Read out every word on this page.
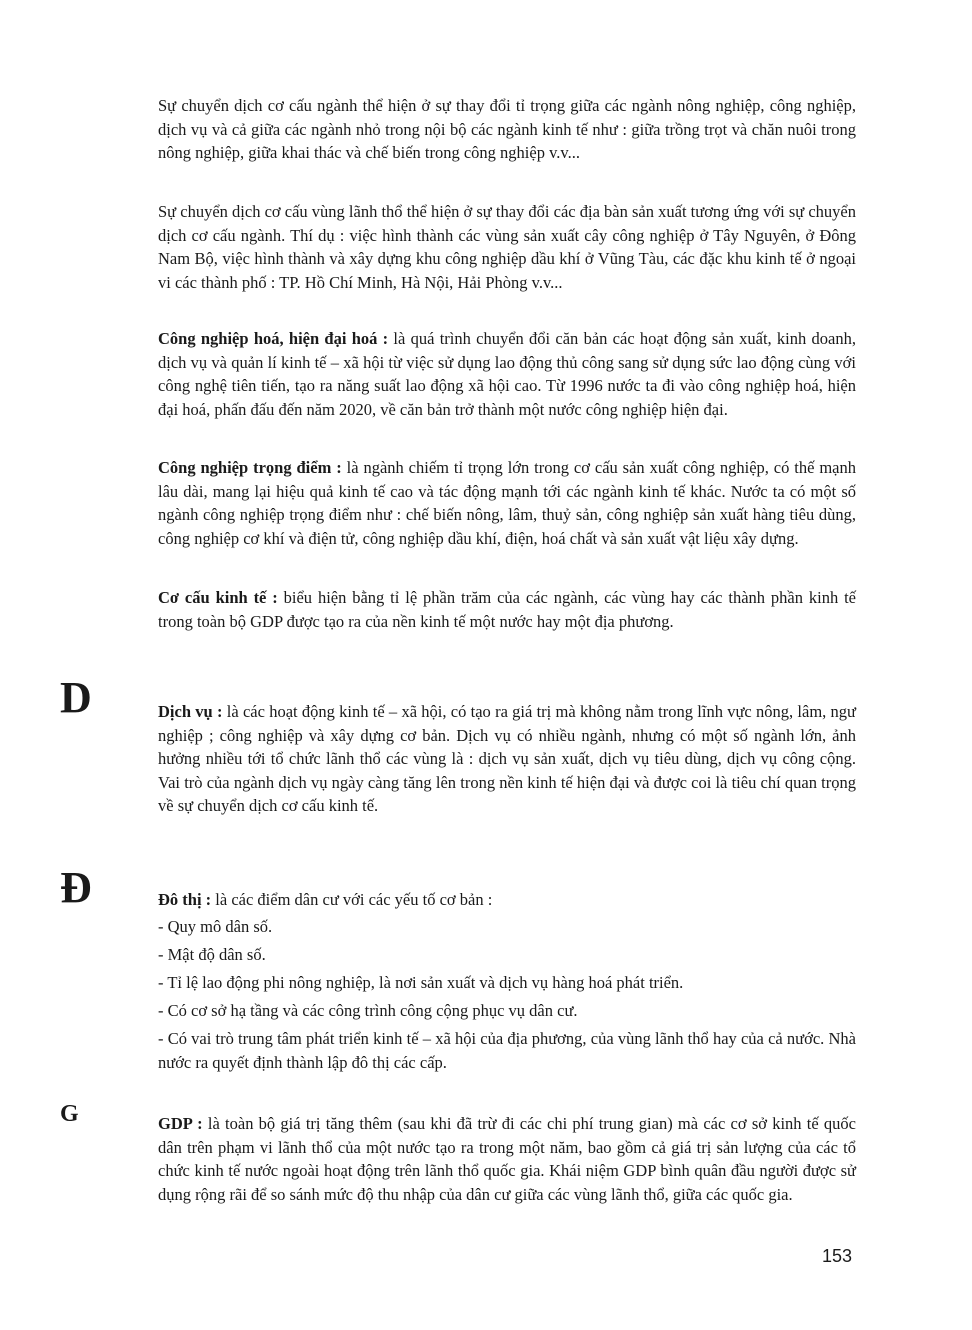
Sự chuyển dịch cơ cấu ngành thể hiện ở sự thay đổi tỉ trọng giữa các ngành nông nghiệp, công nghiệp, dịch vụ và cả giữa các ngành nhỏ trong nội bộ các ngành kinh tế như : giữa trồng trọt và chăn nuôi trong nông nghiệp, giữa khai thác và chế biến trong công nghiệp v.v...

Sự chuyển dịch cơ cấu vùng lãnh thổ thể hiện ở sự thay đổi các địa bàn sản xuất tương ứng với sự chuyển dịch cơ cấu ngành. Thí dụ : việc hình thành các vùng sản xuất cây công nghiệp ở Tây Nguyên, ở Đông Nam Bộ, việc hình thành và xây dựng khu công nghiệp dầu khí ở Vũng Tàu, các đặc khu kinh tế ở ngoại vi các thành phố : TP. Hồ Chí Minh, Hà Nội, Hải Phòng v.v...

Công nghiệp hoá, hiện đại hoá : là quá trình chuyển đổi căn bản các hoạt động sản xuất, kinh doanh, dịch vụ và quản lí kinh tế – xã hội từ việc sử dụng lao động thủ công sang sử dụng sức lao động cùng với công nghệ tiên tiến, tạo ra năng suất lao động xã hội cao. Từ 1996 nước ta đi vào công nghiệp hoá, hiện đại hoá, phấn đấu đến năm 2020, về căn bản trở thành một nước công nghiệp hiện đại.

Công nghiệp trọng điểm : là ngành chiếm tỉ trọng lớn trong cơ cấu sản xuất công nghiệp, có thế mạnh lâu dài, mang lại hiệu quả kinh tế cao và tác động mạnh tới các ngành kinh tế khác. Nước ta có một số ngành công nghiệp trọng điểm như : chế biến nông, lâm, thuỷ sản, công nghiệp sản xuất hàng tiêu dùng, công nghiệp cơ khí và điện tử, công nghiệp dầu khí, điện, hoá chất và sản xuất vật liệu xây dựng.

Cơ cấu kinh tế : biểu hiện bằng tỉ lệ phần trăm của các ngành, các vùng hay các thành phần kinh tế trong toàn bộ GDP được tạo ra của nền kinh tế một nước hay một địa phương.

D	Dịch vụ : là các hoạt động kinh tế – xã hội, có tạo ra giá trị mà không nằm trong lĩnh vực nông, lâm, ngư nghiệp ; công nghiệp và xây dựng cơ bản. Dịch vụ có nhiều ngành, nhưng có một số ngành lớn, ảnh hưởng nhiều tới tổ chức lãnh thổ các vùng là : dịch vụ sản xuất, dịch vụ tiêu dùng, dịch vụ công cộng. Vai trò của ngành dịch vụ ngày càng tăng lên trong nền kinh tế hiện đại và được coi là tiêu chí quan trọng về sự chuyển dịch cơ cấu kinh tế.

Đ	Đô thị : là các điểm dân cư với các yếu tố cơ bản :

- Quy mô dân số.
- Mật độ dân số.
- Tỉ lệ lao động phi nông nghiệp, là nơi sản xuất và dịch vụ hàng hoá phát triển.
- Có cơ sở hạ tầng và các công trình công cộng phục vụ dân cư.
- Có vai trò trung tâm phát triển kinh tế – xã hội của địa phương, của vùng lãnh thổ hay của cả nước. Nhà nước ra quyết định thành lập đô thị các cấp.
G	GDP : là toàn bộ giá trị tăng thêm (sau khi đã trừ đi các chi phí trung gian) mà các cơ sở kinh tế quốc dân trên phạm vi lãnh thổ của một nước tạo ra trong một năm, bao gồm cả giá trị sản lượng của các tổ chức kinh tế nước ngoài hoạt động trên lãnh thổ quốc gia. Khái niệm GDP bình quân đầu người được sử dụng rộng rãi để so sánh mức độ thu nhập của dân cư giữa các vùng lãnh thổ, giữa các quốc gia.

153
